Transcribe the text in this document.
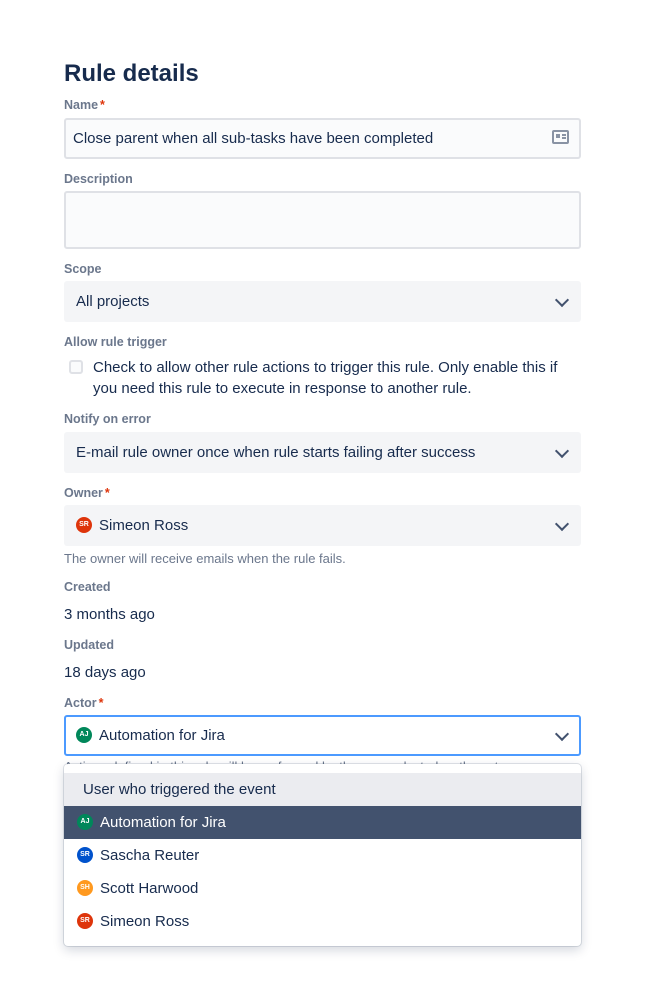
Rule details
Name *
Close parent when all sub-tasks have been completed
Description
Scope
All projects
Allow rule trigger
Check to allow other rule actions to trigger this rule. Only enable this if you need this rule to execute in response to another rule.
Notify on error
E-mail rule owner once when rule starts failing after success
Owner *
SR Simeon Ross
The owner will receive emails when the rule fails.
Created
3 months ago
Updated
18 days ago
Actor *
AJ Automation for Jira
User who triggered the event
AJ Automation for Jira
SR Sascha Reuter
SH Scott Harwood
SR Simeon Ross
